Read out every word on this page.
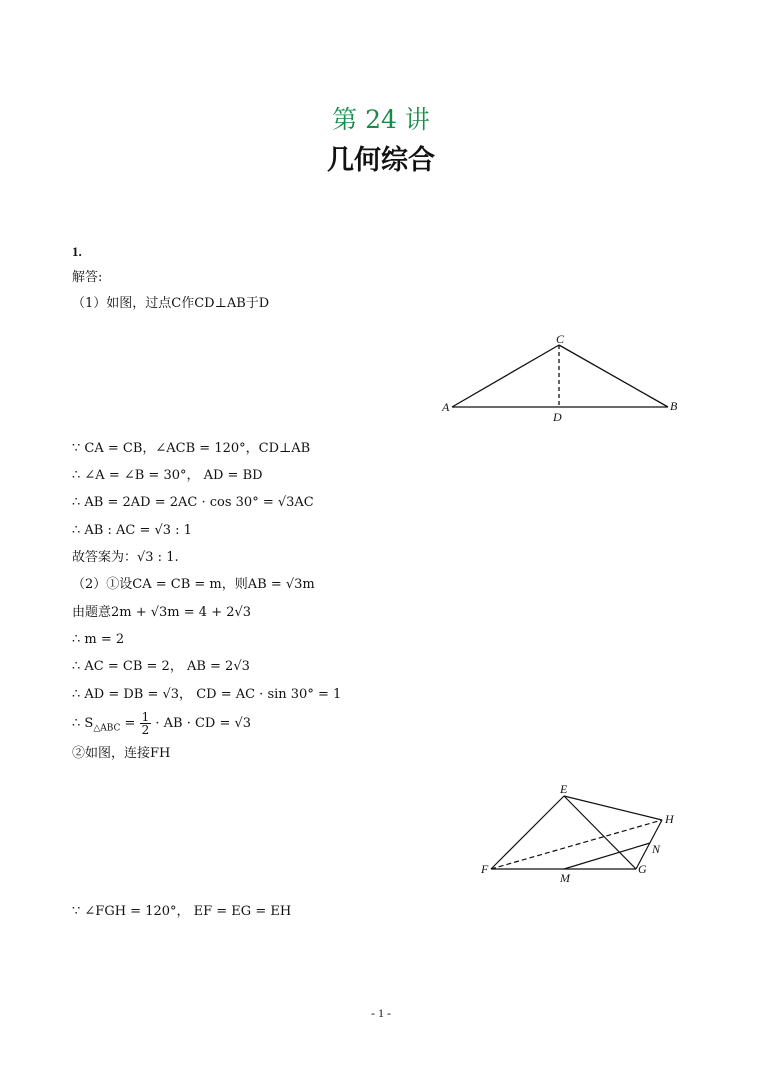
第 24 讲
几何综合
1.
解答:
（1）如图，过点C作CD⊥AB于D
A	B
C
D
∵ CA = CB，∠ACB = 120°，CD⊥AB
∴ ∠A = ∠B = 30°， AD = BD
∴ AB = 2AD = 2AC · cos 30° = √3AC
∴ AB : AC = √3 : 1
故答案为：√3 : 1.
（2）①设CA = CB = m，则AB = √3m
由题意2m + √3m = 4 + 2√3
∴ m = 2
∴ AC = CB = 2， AB = 2√3
∴ AD = DB = √3， CD = AC · sin 30° = 1
∴ $S_{\triangle ABC} = \frac{1}{2}$ · AB · CD = √3
②如图，连接FH
E
F	G
H
M
N
∵ ∠FGH = 120°， EF = EG = EH
- 1 -
